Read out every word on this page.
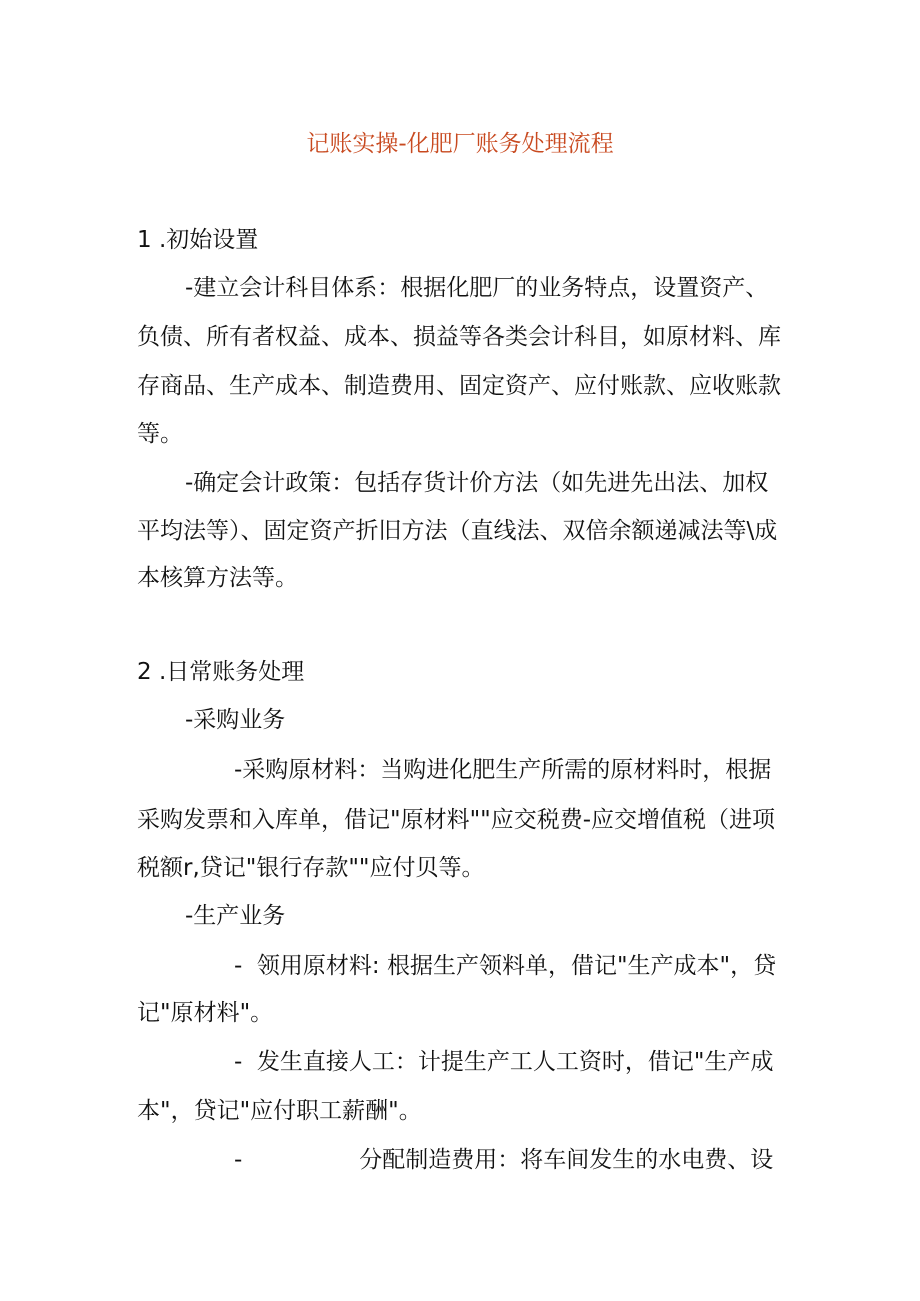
记账实操-化肥厂账务处理流程
1 .初始设置
-建立会计科目体系：根据化肥厂的业务特点，设置资产、
负债、所有者权益、成本、损益等各类会计科目，如原材料、库
存商品、生产成本、制造费用、固定资产、应付账款、应收账款
等。
-确定会计政策：包括存货计价方法（如先进先出法、加权
平均法等）、固定资产折旧方法（直线法、双倍余额递减法等\成
本核算方法等。
2 .日常账务处理
-采购业务
-采购原材料：当购进化肥生产所需的原材料时，根据
采购发票和入库单，借记"原材料""应交税费-应交增值税（进项
税额r,贷记"银行存款""应付贝等。
-生产业务
-  领用原材料: 根据生产领料单，借记"生产成本"，贷
记"原材料"。
-  发生直接人工：计提生产工人工资时，借记"生产成
本"，贷记"应付职工薪酬"。
-                分配制造费用：将车间发生的水电费、设
